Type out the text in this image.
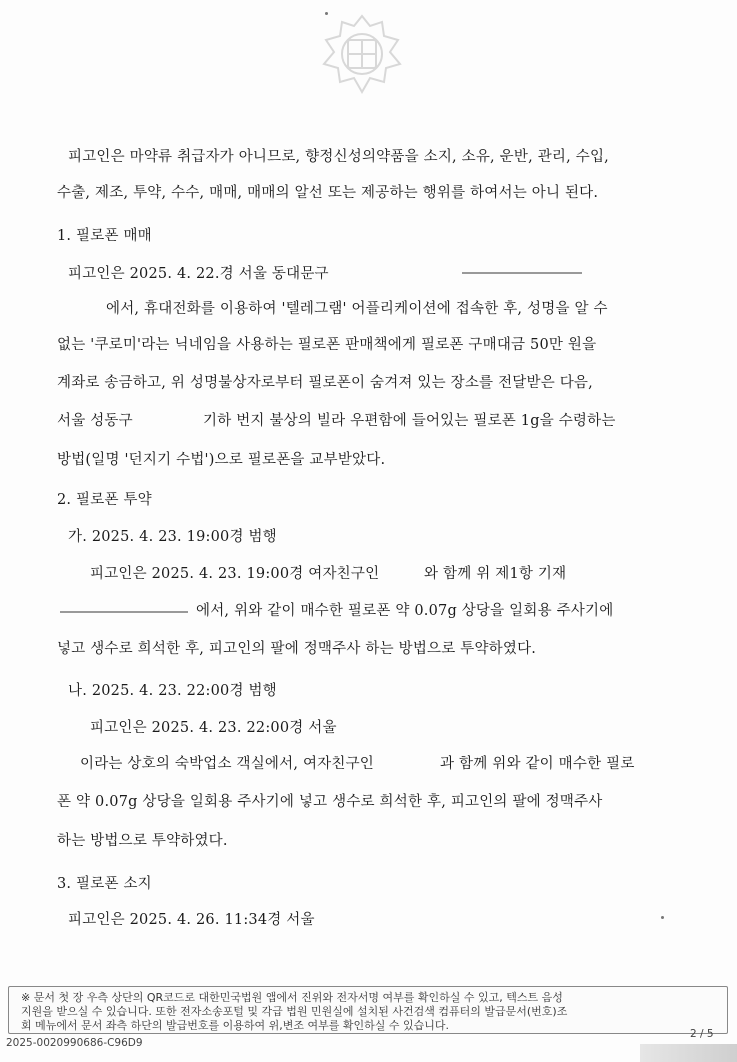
피고인은 마약류 취급자가 아니므로, 향정신성의약품을 소지, 소유, 운반, 관리, 수입,
수출, 제조, 투약, 수수, 매매, 매매의 알선 또는 제공하는 행위를 하여서는 아니 된다.
1. 필로폰 매매
피고인은 2025. 4. 22.경 서울 동대문구
에서, 휴대전화를 이용하여 '텔레그램' 어플리케이션에 접속한 후, 성명을 알 수
없는 '쿠로미'라는 닉네임을 사용하는 필로폰 판매책에게 필로폰 구매대금 50만 원을
계좌로 송금하고, 위 성명불상자로부터 필로폰이 숨겨져 있는 장소를 전달받은 다음,
서울 성동구	기하 번지 불상의 빌라 우편함에 들어있는 필로폰 1g을 수령하는
방법(일명 '던지기 수법')으로 필로폰을 교부받았다.
2. 필로폰 투약
가. 2025. 4. 23. 19:00경 범행
피고인은 2025. 4. 23. 19:00경 여자친구인	와 함께 위 제1항 기재
에서, 위와 같이 매수한 필로폰 약 0.07g 상당을 일회용 주사기에
넣고 생수로 희석한 후, 피고인의 팔에 정맥주사 하는 방법으로 투약하였다.
나. 2025. 4. 23. 22:00경 범행
피고인은 2025. 4. 23. 22:00경 서울
이라는 상호의 숙박업소 객실에서, 여자친구인	과 함께 위와 같이 매수한 필로
폰 약 0.07g 상당을 일회용 주사기에 넣고 생수로 희석한 후, 피고인의 팔에 정맥주사
하는 방법으로 투약하였다.
3. 필로폰 소지
피고인은 2025. 4. 26. 11:34경 서울
※ 문서 첫 장 우측 상단의 QR코드로 대한민국법원 앱에서 진위와 전자서명 여부를 확인하실 수 있고, 텍스트 음성
지원을 받으실 수 있습니다. 또한 전자소송포털 및 각급 법원 민원실에 설치된 사건검색 컴퓨터의 발급문서(번호)조
회 메뉴에서 문서 좌측 하단의 발급번호를 이용하여 위,변조 여부를 확인하실 수 있습니다.
2 / 5
2025-0020990686-C96D9
